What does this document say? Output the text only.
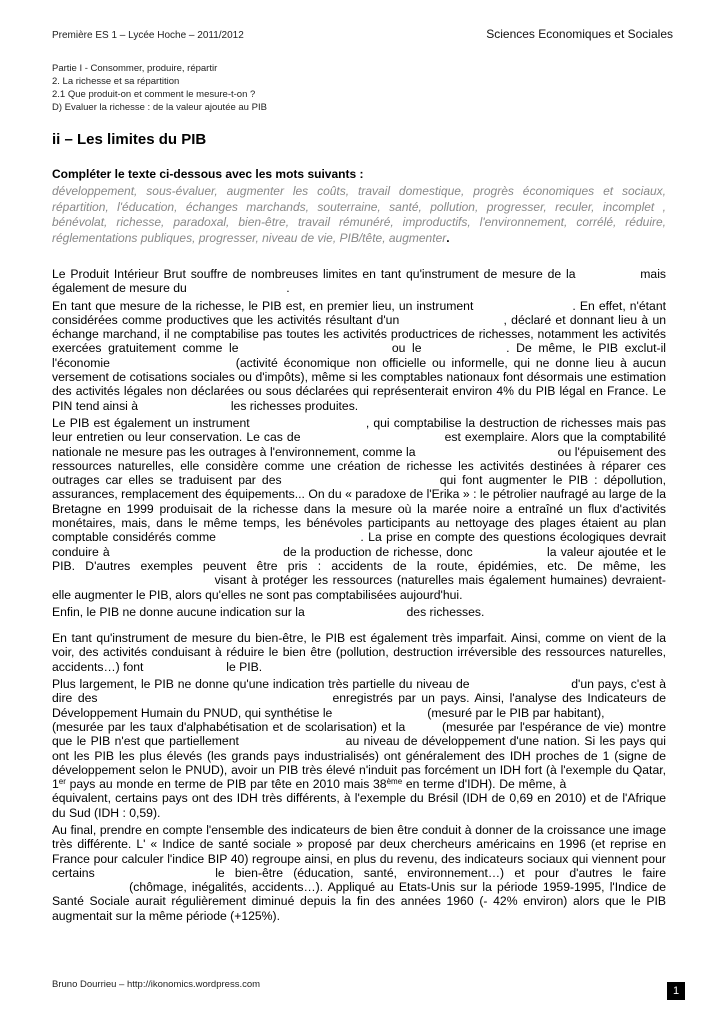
Première ES 1 – Lycée Hoche – 2011/2012	Sciences Economiques et Sociales
Partie I - Consommer, produire, répartir
2. La richesse et sa répartition
2.1 Que produit-on et comment le mesure-t-on ?
D) Evaluer la richesse : de la valeur ajoutée au PIB
ii – Les limites du PIB

Compléter le texte ci-dessous avec les mots suivants :

développement, sous-évaluer, augmenter les coûts, travail domestique, progrès économiques et sociaux, répartition, l'éducation, échanges marchands, souterraine, santé, pollution, progresser, reculer, incomplet , bénévolat, richesse, paradoxal, bien-être, travail rémunéré, improductifs, l'environnement, corrélé, réduire, réglementations publiques, progresser, niveau de vie, PIB/tête, augmenter.

Le Produit Intérieur Brut souffre de nombreuses limites en tant qu'instrument de mesure de la	mais également de mesure du	.

En tant que mesure de la richesse, le PIB est, en premier lieu, un instrument	. En effet, n'étant considérées comme productives que les activités résultant d'un	, déclaré et donnant lieu à un échange marchand, il ne comptabilise pas toutes les activités productrices de richesses, notamment les activités exercées gratuitement comme le	ou le	. De même, le PIB exclut-il l'économie	(activité économique non officielle ou informelle, qui ne donne lieu à aucun versement de cotisations sociales ou d'impôts), même si les comptables nationaux font désormais une estimation des activités légales non déclarées ou sous déclarées qui représenterait environ 4% du PIB légal en France. Le PIN tend ainsi à	les richesses produites.

Le PIB est également un instrument	, qui comptabilise la destruction de richesses mais pas leur entretien ou leur conservation. Le cas de	est exemplaire. Alors que la comptabilité nationale ne mesure pas les outrages à l'environnement, comme la	ou l'épuisement des ressources naturelles, elle considère comme une création de richesse les activités destinées à réparer ces outrages car elles se traduisent par des	qui font augmenter le PIB : dépollution, assurances, remplacement des équipements... On du « paradoxe de l'Erika » : le pétrolier naufragé au large de la Bretagne en 1999 produisait de la richesse dans la mesure où la marée noire a entraîné un flux d'activités monétaires, mais, dans le même temps, les bénévoles participants au nettoyage des plages étaient au plan comptable considérés comme	. La prise en compte des questions écologiques devrait conduire à	de la production de richesse, donc	la valeur ajoutée et le PIB. D'autres exemples peuvent être pris : accidents de la route, épidémies, etc. De même, les  visant à protéger les ressources (naturelles mais également humaines) devraient-elle augmenter le PIB, alors qu'elles ne sont pas comptabilisées aujourd'hui.

Enfin, le PIB ne donne aucune indication sur la	des richesses.

En tant qu'instrument de mesure du bien-être, le PIB est également très imparfait. Ainsi, comme on vient de la voir, des activités conduisant à réduire le bien être (pollution, destruction irréversible des ressources naturelles, accidents…) font	le PIB.

Plus largement, le PIB ne donne qu'une indication très partielle du niveau de	d'un pays, c'est à dire des	enregistrés par un pays. Ainsi, l'analyse des Indicateurs de Développement Humain du PNUD, qui synthétise le	(mesuré par le PIB par habitant),  (mesurée par les taux d'alphabétisation et de scolarisation) et la	(mesurée par l'espérance de vie) montre que le PIB n'est que partiellement	au niveau de développement d'une nation. Si les pays qui ont les PIB les plus élevés (les grands pays industrialisés) ont généralement des IDH proches de 1 (signe de développement selon le PNUD), avoir un PIB très élevé n'induit pas forcément un IDH fort (à l'exemple du Qatar, 1er pays au monde en terme de PIB par tête en 2010 mais 38ème en terme d'IDH). De même, à  équivalent, certains pays ont des IDH très différents, à l'exemple du Brésil (IDH de 0,69 en 2010) et de l'Afrique du Sud (IDH : 0,59).

Au final, prendre en compte l'ensemble des indicateurs de bien être conduit à donner de la croissance une image très différente. L' « Indice de santé sociale » proposé par deux chercheurs américains en 1996 (et reprise en France pour calculer l'indice BIP 40) regroupe ainsi, en plus du revenu, des indicateurs sociaux qui viennent pour certains	le bien-être (éducation, santé, environnement…) et pour d'autres le faire  (chômage, inégalités, accidents…). Appliqué au Etats-Unis sur la période 1959-1995, l'Indice de Santé Sociale aurait régulièrement diminué depuis la fin des années 1960 (- 42% environ) alors que le PIB augmentait sur la même période (+125%).

Bruno Dourrieu – http://ikonomics.wordpress.com
1
